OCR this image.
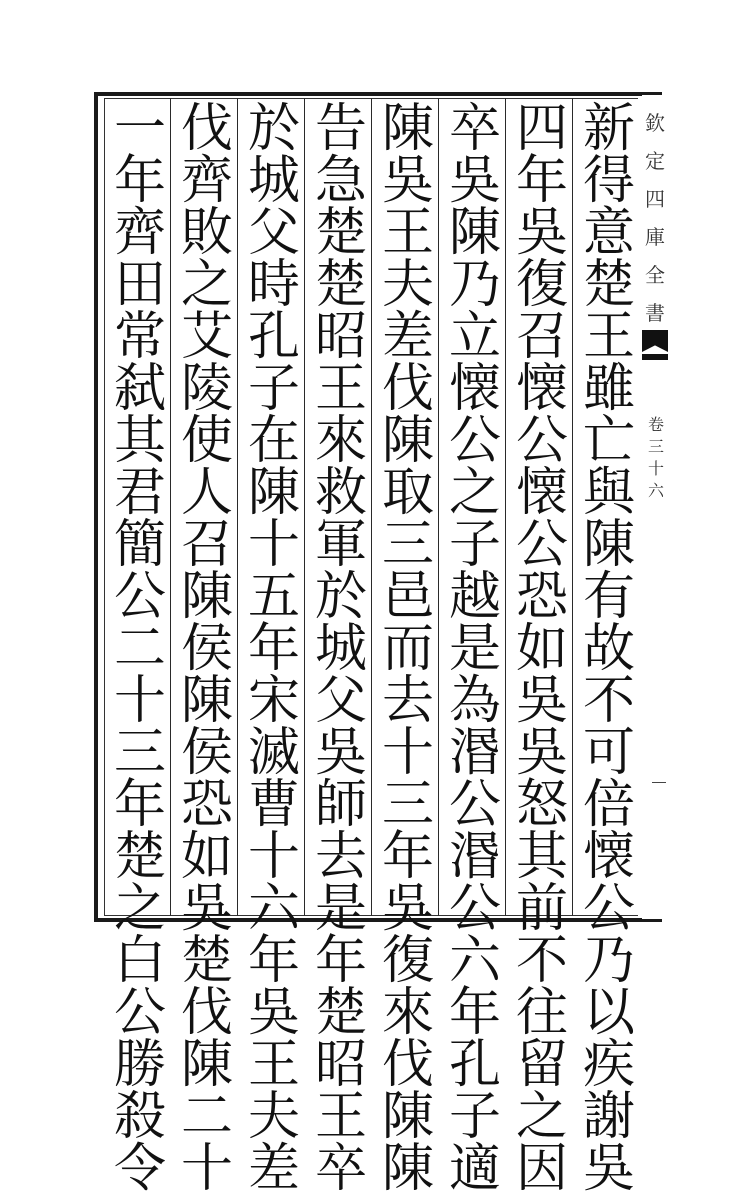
新
得
意
楚
王
雖
亡
與
陳
有
故
不
可
倍
懐
公
乃
以
疾
謝
吳
四
年
吳
復
召
懐
公
懐
公
恐
如
吳
吳
怒
其
前
不
往
留
之
因
卒
吳
陳
乃
立
懐
公
之
子
越
是
為
湣
公
湣
公
六
年
孔
子
適
陳
吳
王
夫
差
伐
陳
取
三
邑
而
去
十
三
年
吳
復
來
伐
陳
陳
告
急
楚
楚
昭
王
來
救
軍
於
城
父
吳
師
去
是
年
楚
昭
王
卒
於
城
父
時
孔
子
在
陳
十
五
年
宋
滅
曹
十
六
年
吳
王
夫
差
伐
齊
敗
之
艾
陵
使
人
召
陳
侯
陳
侯
恐
如
吳
楚
伐
陳
二
十
一
年
齊
田
常
弑
其
君
簡
公
二
十
三
年
楚
之
白
公
勝
殺
令
欽
定
四
庫
全
書
卷
三
十
六
